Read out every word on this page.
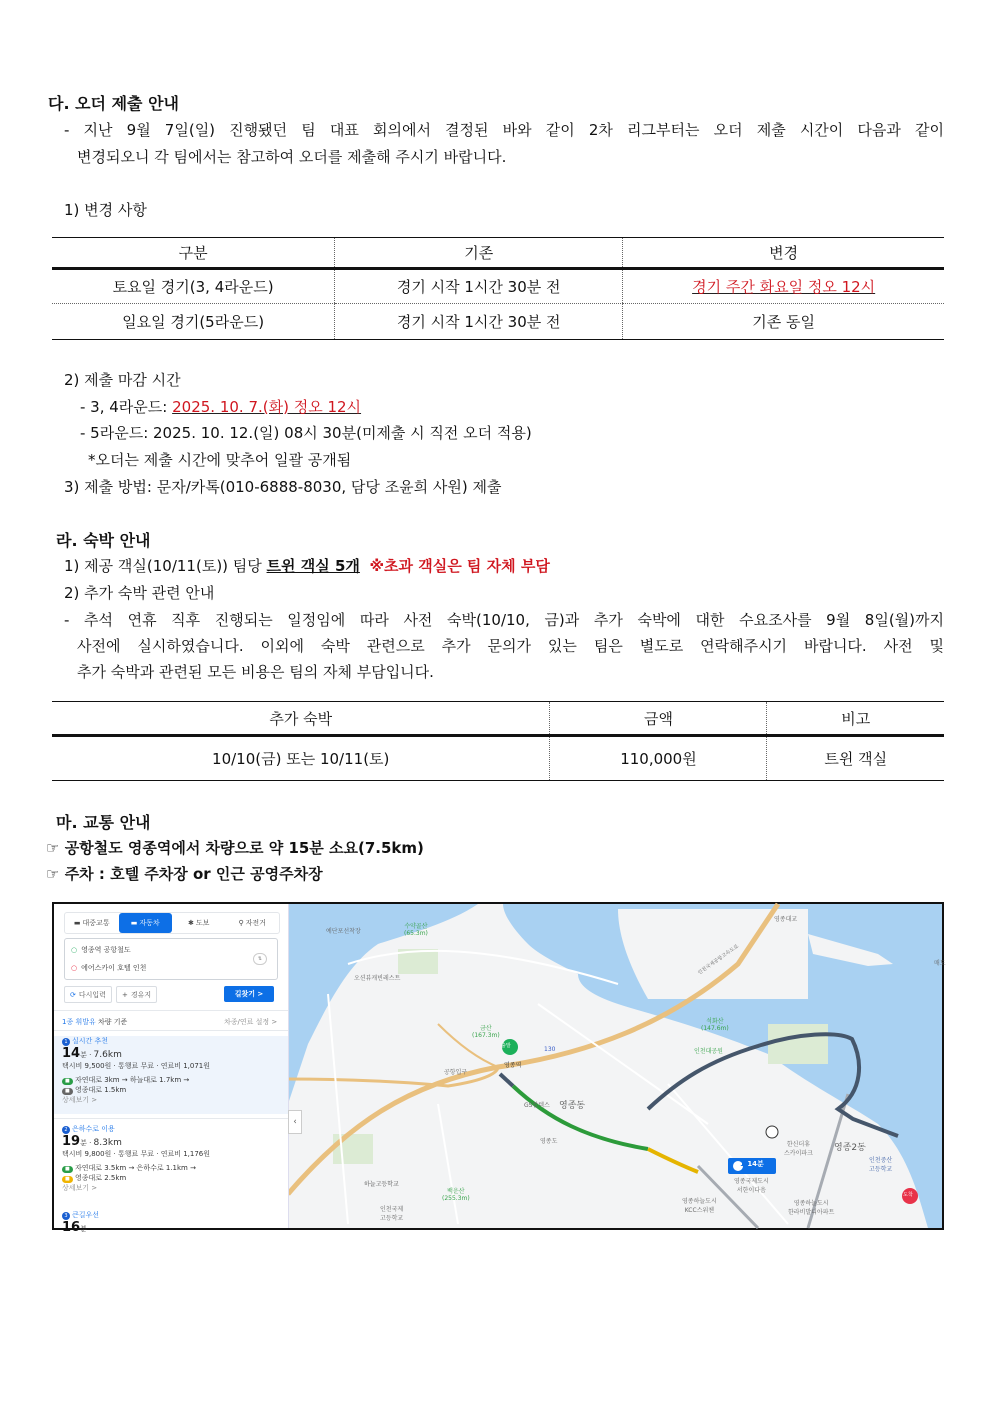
다. 오더 제출 안내
- 지난 9월 7일(일) 진행됐던 팀 대표 회의에서 결정된 바와 같이 2차 리그부터는 오더 제출 시간이 다음과 같이
변경되오니 각 팀에서는 참고하여 오더를 제출해 주시기 바랍니다.
1) 변경 사항
구분	기존	변경
토요일 경기(3, 4라운드)	경기 시작 1시간 30분 전	경기 주간 화요일 정오 12시
일요일 경기(5라운드)	경기 시작 1시간 30분 전	기존 동일
2) 제출 마감 시간
- 3, 4라운드: 2025. 10. 7.(화) 정오 12시
- 5라운드: 2025. 10. 12.(일) 08시 30분(미제출 시 직전 오더 적용)
*오더는 제출 시간에 맞추어 일괄 공개됨
3) 제출 방법: 문자/카톡(010-6888-8030, 담당 조윤희 사원) 제출
라. 숙박 안내
1) 제공 객실(10/11(토)) 팀당 트윈 객실 5개 ※초과 객실은 팀 자체 부담
2) 추가 숙박 관련 안내
- 추석 연휴 직후 진행되는 일정임에 따라 사전 숙박(10/10, 금)과 추가 숙박에 대한 수요조사를 9월 8일(월)까지
사전에 실시하였습니다. 이외에 숙박 관련으로 추가 문의가 있는 팀은 별도로 연락해주시기 바랍니다. 사전 및
추가 숙박과 관련된 모든 비용은 팀의 자체 부담입니다.
추가 숙박	금액	비고
10/10(금) 또는 10/11(토)	110,000원	트윈 객실
마. 교통 안내
☞ 공항철도 영종역에서 차량으로 약 15분 소요(7.5km)
☞ 주차 : 호텔 주차장 or 인근 공영주차장
예단포선착장
수약골산
(65.3m)
오션뷰캐빈레스트
금산
(167.3m)
영종대교
인천국제공항고속도로	매도
인천대공원
출발
영종역
130
공항입구
GS칼텍스 영종동
석화산
(147.6m)
영종도
하늘고등학교
백운산
(255.3m)
인천국제
고등학교
한신더휴
스카이파크
영종2동
인천중산
고등학교
영종국제도시
서한이다음
영종하늘도시
KCC스위첸
영종하늘도시
한라비발디아파트
1 14분
도착
▬ 대중교통	▬ 자동차	✱ 도보	⚲ 자전거
○ 영종역 공항철도
○ 에어스카이 호텔 인천
⇅
⟳ 다시입력 + 경유지	길찾기 >
1종 휘발유 차량 기준	차종/연료 설정 >
1 실시간 추천
14분 · 7.6km
택시비 9,500원 · 통행료 무료 · 연료비 1,071원
■ 자연대로 3km → 하늘대로 1.7km →
■ 영종대로 1.5km
상세보기 >
2 은하수로 이용
19분 · 8.3km
택시비 9,800원 · 통행료 무료 · 연료비 1,176원
■ 자연대로 3.5km → 은하수로 1.1km →
■ 영종대로 2.5km
상세보기 >
3 큰길우선
16분
‹
